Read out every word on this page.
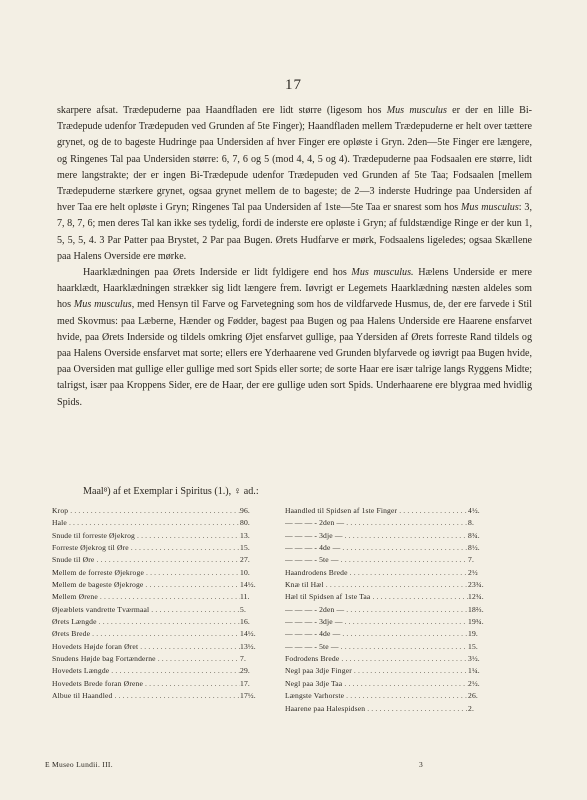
17

skarpere afsat. Trædepuderne paa Haandfladen ere lidt større (ligesom hos Mus musculus er der en lille Bi-Trædepude udenfor Trædepuden ved Grunden af 5te Finger); Haandfladen mellem Trædepuderne er helt over tættere grynet, og de to bageste Hudringe paa Undersiden af hver Finger ere opløste i Gryn. 2den—5te Finger ere længere, og Ringenes Tal paa Undersiden større: 6, 7, 6 og 5 (mod 4, 4, 5 og 4). Trædepuderne paa Fodsaalen ere større, lidt mere langstrakte; der er ingen Bi-Trædepude udenfor Trædepuden ved Grunden af 5te Taa; Fodsaalen [mellem Trædepuderne stærkere grynet, ogsaa grynet mellem de to bageste; de 2—3 inderste Hudringe paa Undersiden af hver Taa ere helt opløste i Gryn; Ringenes Tal paa Undersiden af 1ste—5te Taa er snarest som hos Mus musculus: 3, 7, 8, 7, 6; men deres Tal kan ikke ses tydelig, fordi de inderste ere opløste i Gryn; af fuldstændige Ringe er der kun 1, 5, 5, 5, 4. 3 Par Patter paa Brystet, 2 Par paa Bugen. Ørets Hudfarve er mørk, Fodsaalens ligeledes; ogsaa Skællene paa Halens Overside ere mørke.

Haarklædningen paa Ørets Inderside er lidt fyldigere end hos Mus musculus. Hælens Underside er mere haarklædt, Haarklædningen strækker sig lidt længere frem. Iøvrigt er Legemets Haarklædning næsten aldeles som hos Mus musculus, med Hensyn til Farve og Farvetegning som hos de vildfarvede Husmus, de, der ere farvede i Stil med Skovmus: paa Læberne, Hænder og Fødder, bagest paa Bugen og paa Halens Underside ere Haarene ensfarvet hvide, paa Ørets Inderside og tildels omkring Øjet ensfarvet gullige, paa Ydersiden af Ørets forreste Rand tildels og paa Halens Overside ensfarvet mat sorte; ellers ere Yderhaarene ved Grunden blyfarvede og iøvrigt paa Bugen hvide, paa Oversiden mat gullige eller gullige med sort Spids eller sorte; de sorte Haar ere især talrige langs Ryggens Midte; talrigst, især paa Kroppens Sider, ere de Haar, der ere gullige uden sort Spids. Underhaarene ere blygraa med hvidlig Spids.

Maal⁸) af et Exemplar i Spiritus (1.), ♀ ad.:
Krop . . .	96.
Hale . . .	80.
Snude til forreste Øjekrog . . .	13.
Forreste Øjekrog til Øre . . .	15.
Snude til Øre . . .	27.
Mellem de forreste Øjekroge . . .	10.
Mellem de bageste Øjekroge . . .	14½.
Mellem Ørene . . .	11.
Øjeæblets vandrette Tværmaal . . .	5.
Ørets Længde . . .	16.
Ørets Brede . . .	14½.
Hovedets Højde foran Øret . . .	13½.
Snudens Højde bag Fortænderne . . .	7.
Hovedets Længde . . .	29.
Hovedets Brede foran Ørene . . .	17.
Albue til Haandled . . .	17½.
Haandled til Spidsen af 1ste Finger . . .	4½.
— — — - 2den — . . .	8.
— — — - 3dje — . . .	8¾.
— — — - 4de — . . .	8½.
— — — - 5te — . . .	7.
Haandrodens Brede . . .	2½
Knæ til Hæl . . .	23¾.
Hæl til Spidsen af 1ste Taa . . .	12¾.
— — — - 2den — . . .	18⅔.
— — — - 3dje — . . .	19¾.
— — — - 4de — . . .	19.
— — — - 5te — . . .	15.
Fodrodens Brede . . .	3½.
Negl paa 3dje Finger . . .	1¼.
Negl paa 3dje Taa . . .	2½.
Længste Varhorste . . .	26.
Haarene paa Halespidsen . . .	2.
E Museo Lundii. III.	3
